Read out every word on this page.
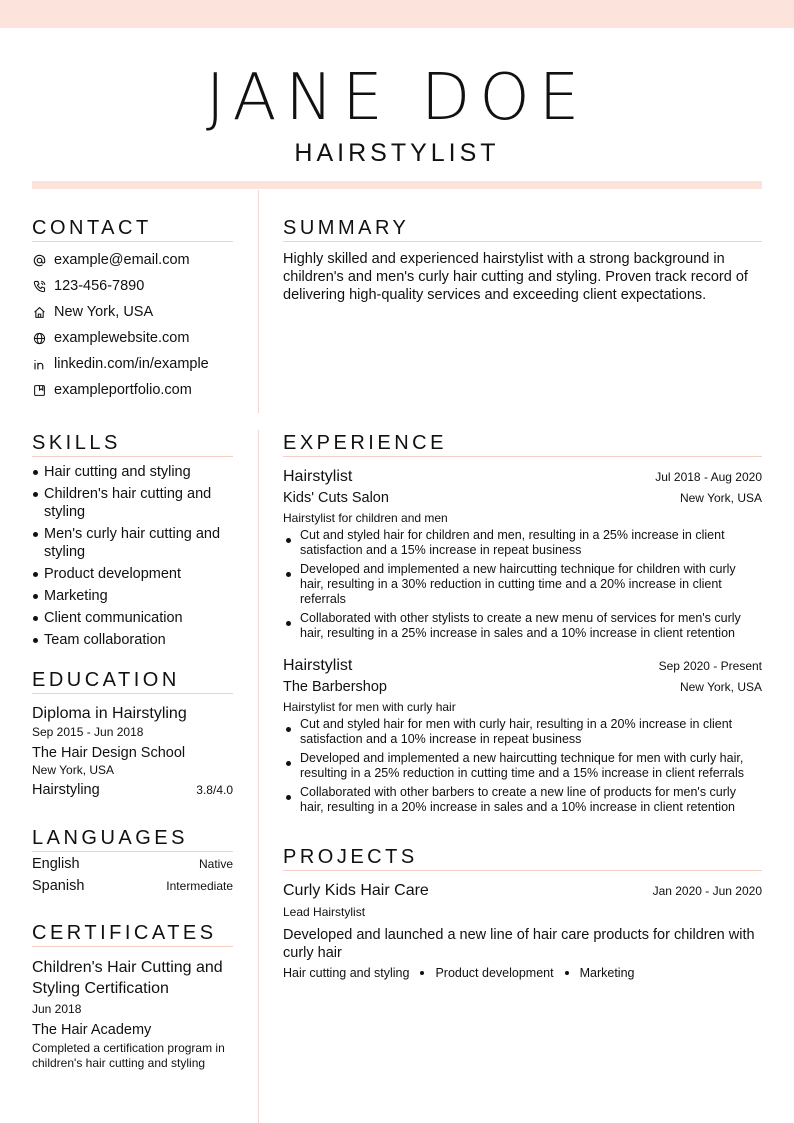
JANE DOE
HAIRSTYLIST
CONTACT
example@email.com
123-456-7890
New York, USA
examplewebsite.com
linkedin.com/in/example
exampleportfolio.com
SUMMARY
Highly skilled and experienced hairstylist with a strong background in children's and men's curly hair cutting and styling. Proven track record of delivering high-quality services and exceeding client expectations.
SKILLS
Hair cutting and styling
Children's hair cutting and styling
Men's curly hair cutting and styling
Product development
Marketing
Client communication
Team collaboration
EDUCATION
Diploma in Hairstyling
Sep 2015 - Jun 2018
The Hair Design School
New York, USA
Hairstyling	3.8/4.0
LANGUAGES
English	Native
Spanish	Intermediate
CERTIFICATES
Children's Hair Cutting and Styling Certification
Jun 2018
The Hair Academy
Completed a certification program in children's hair cutting and styling
EXPERIENCE
Hairstylist	Jul 2018 - Aug 2020
Kids' Cuts Salon	New York, USA
Hairstylist for children and men
Cut and styled hair for children and men, resulting in a 25% increase in client satisfaction and a 15% increase in repeat business
Developed and implemented a new haircutting technique for children with curly hair, resulting in a 30% reduction in cutting time and a 20% increase in client referrals
Collaborated with other stylists to create a new menu of services for men's curly hair, resulting in a 25% increase in sales and a 10% increase in client retention
Hairstylist	Sep 2020 - Present
The Barbershop	New York, USA
Hairstylist for men with curly hair
Cut and styled hair for men with curly hair, resulting in a 20% increase in client satisfaction and a 10% increase in repeat business
Developed and implemented a new haircutting technique for men with curly hair, resulting in a 25% reduction in cutting time and a 15% increase in client referrals
Collaborated with other barbers to create a new line of products for men's curly hair, resulting in a 20% increase in sales and a 10% increase in client retention
PROJECTS
Curly Kids Hair Care	Jan 2020 - Jun 2020
Lead Hairstylist
Developed and launched a new line of hair care products for children with curly hair
Hair cutting and styling Product development Marketing
